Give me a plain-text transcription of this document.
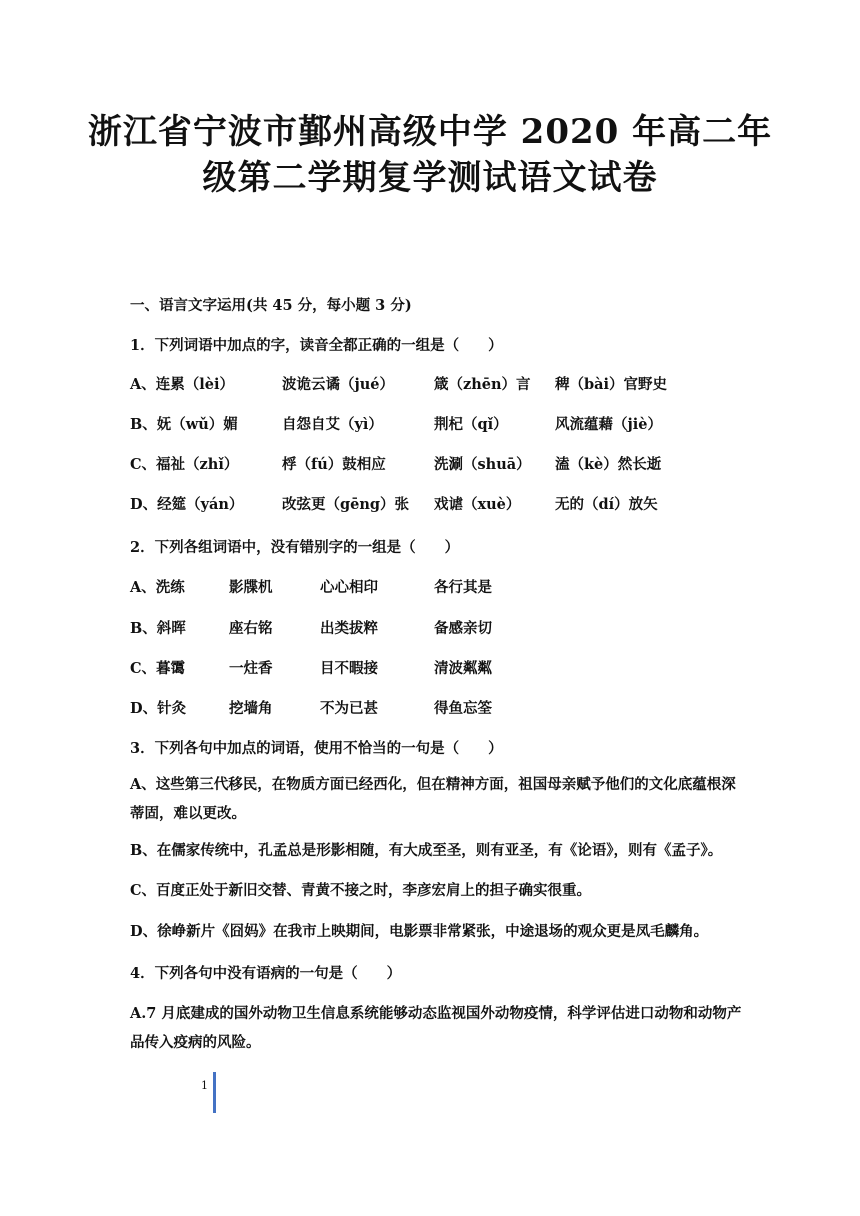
浙江省宁波市鄞州高级中学 2020 年高二年
级第二学期复学测试语文试卷
一、语言文字运用(共 45 分，每小题 3 分)
1．下列词语中加点的字，读音全都正确的一组是（　　）
A、连累（lèi）	波诡云谲（jué）	箴（zhēn）言 稗（bài）官野史
B、妩（wǔ）媚	自怨自艾（yì）	荆杞（qǐ）	风流蕴藉（jiè）
C、福祉（zhǐ）	桴（fú）鼓相应	洗涮（shuā） 溘（kè）然长逝
D、经筵（yán）	改弦更（gēng）张 戏谑（xuè） 无的（dí）放矢
2．下列各组词语中，没有错别字的一组是（　　）
A、洗练	影牒机	心心相印	各行其是
B、斜晖	座右铭	出类拔粹	备感亲切
C、暮霭	一炷香	目不暇接	清波粼粼
D、针灸	挖墙角	不为已甚	得鱼忘筌
3．下列各句中加点的词语，使用不恰当的一句是（　　）
A、这些第三代移民，在物质方面已经西化，但在精神方面，祖国母亲赋予他们的文化底蕴根深蒂固，难以更改。
B、在儒家传统中，孔孟总是形影相随，有大成至圣，则有亚圣，有《论语》，则有《孟子》。
C、百度正处于新旧交替、青黄不接之时，李彦宏肩上的担子确实很重。
D、徐峥新片《囧妈》在我市上映期间，电影票非常紧张，中途退场的观众更是凤毛麟角。
4．下列各句中没有语病的一句是（　　）
A.7 月底建成的国外动物卫生信息系统能够动态监视国外动物疫情，科学评估进口动物和动物产品传入疫病的风险。
1
